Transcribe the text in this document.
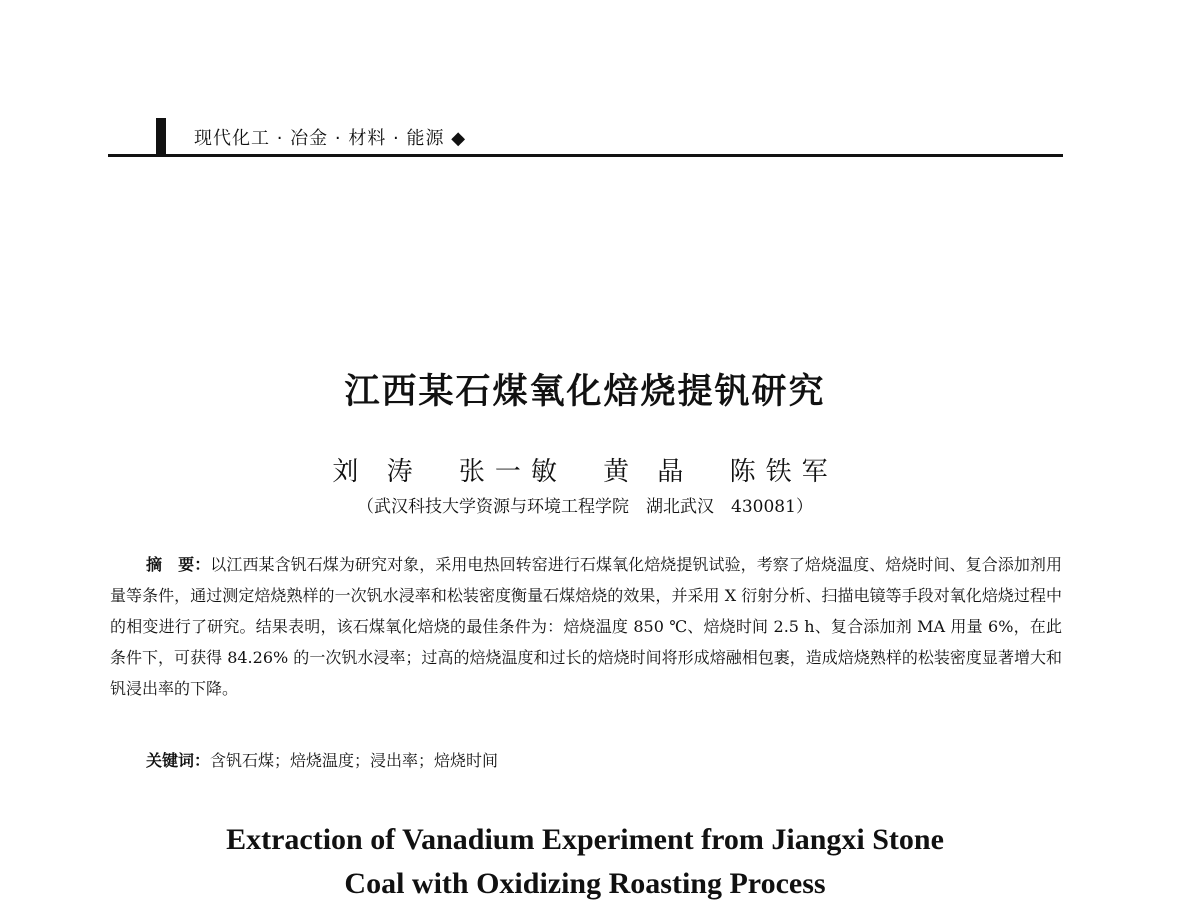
现代化工 · 冶金 · 材料 · 能源 ◆
江西某石煤氧化焙烧提钒研究
刘 涛 张一敏 黄 晶 陈铁军
（武汉科技大学资源与环境工程学院　湖北武汉　430081）

摘　要：以江西某含钒石煤为研究对象，采用电热回转窑进行石煤氧化焙烧提钒试验，考察了焙烧温度、焙烧时间、复合添加剂用量等条件，通过测定焙烧熟样的一次钒水浸率和松装密度衡量石煤焙烧的效果，并采用 X 衍射分析、扫描电镜等手段对氧化焙烧过程中的相变进行了研究。结果表明，该石煤氧化焙烧的最佳条件为：焙烧温度 850 ℃、焙烧时间 2.5 h、复合添加剂 MA 用量 6%，在此条件下，可获得 84.26% 的一次钒水浸率；过高的焙烧温度和过长的焙烧时间将形成熔融相包裹，造成焙烧熟样的松装密度显著增大和钒浸出率的下降。

关键词：含钒石煤；焙烧温度；浸出率；焙烧时间

Extraction of Vanadium Experiment from Jiangxi Stone
Coal with Oxidizing Roasting Process
